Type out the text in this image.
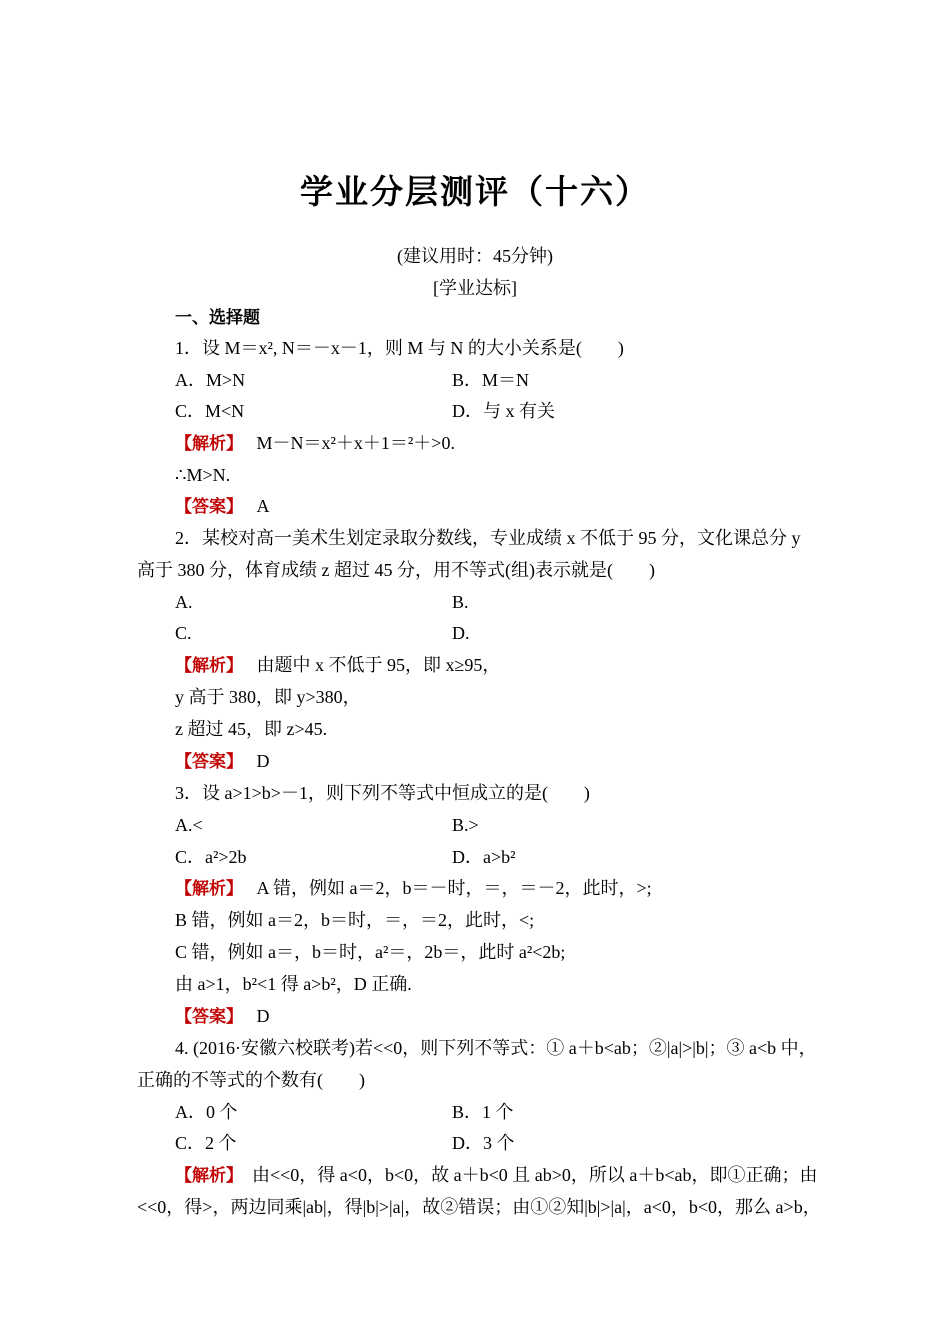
学业分层测评（十六）
(建议用时：45分钟)
[学业达标]
一、选择题
1．设 M＝x², N＝－x－1，则 M 与 N 的大小关系是(　　)
A．M>N	B．M＝N
C．M<N	D．与 x 有关
【解析】 M－N＝x²＋x＋1＝²＋>0.
∴M>N.
【答案】 A
2．某校对高一美术生划定录取分数线，专业成绩 x 不低于 95 分，文化课总分 y
高于 380 分，体育成绩 z 超过 45 分，用不等式(组)表示就是(　　)
A.	B.
C.	D.
【解析】 由题中 x 不低于 95，即 x≥95，
y 高于 380，即 y>380，
z 超过 45，即 z>45.
【答案】 D
3．设 a>1>b>－1，则下列不等式中恒成立的是(　　)
A.<	B.>
C．a²>2b	D．a>b²
【解析】 A 错，例如 a＝2，b＝－时，＝，＝－2，此时，>;
B 错，例如 a＝2，b＝时，＝，＝2，此时，<;
C 错，例如 a＝，b＝时，a²＝，2b＝，此时 a²<2b;
由 a>1，b²<1 得 a>b²，D 正确.
【答案】 D
4. (2016·安徽六校联考)若<<0，则下列不等式：① a＋b<ab；②|a|>|b|；③ a<b 中，
正确的不等式的个数有(　　)
A．0 个	B．1 个
C．2 个	D．3 个
【解析】 由<<0，得 a<0，b<0，故 a＋b<0 且 ab>0，所以 a＋b<ab，即①正确；由
<<0，得>，两边同乘|ab|，得|b|>|a|，故②错误；由①②知|b|>|a|，a<0，b<0，那么 a>b，
